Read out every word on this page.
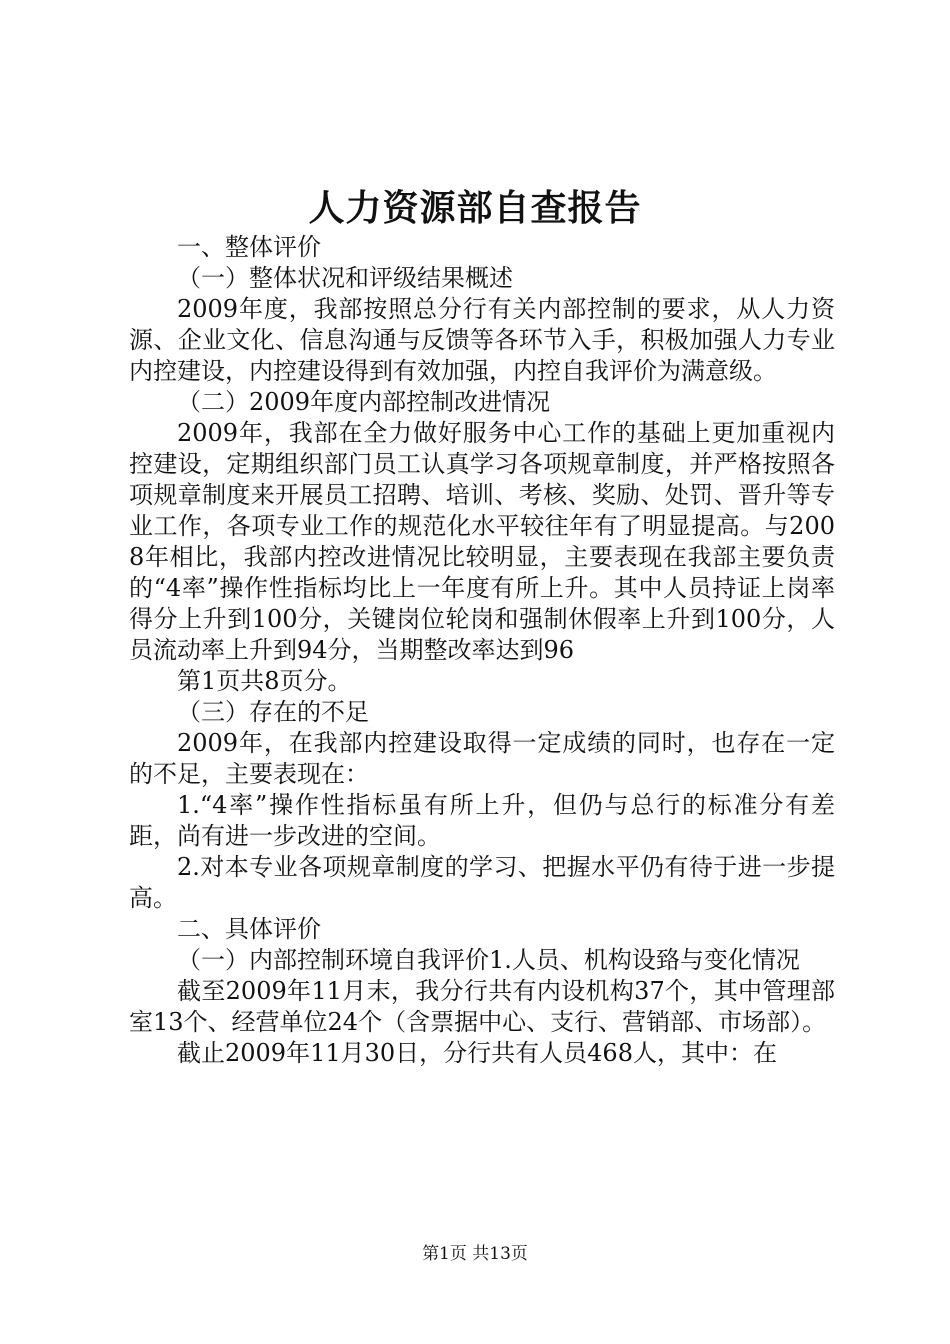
人力资源部自查报告

一、整体评价

（一）整体状况和评级结果概述

2009年度，我部按照总分行有关内部控制的要求，从人力资源、企业文化、信息沟通与反馈等各环节入手，积极加强人力专业内控建设，内控建设得到有效加强，内控自我评价为满意级。

（二）2009年度内部控制改进情况

2009年，我部在全力做好服务中心工作的基础上更加重视内控建设，定期组织部门员工认真学习各项规章制度，并严格按照各项规章制度来开展员工招聘、培训、考核、奖励、处罚、晋升等专业工作，各项专业工作的规范化水平较往年有了明显提高。与2008年相比，我部内控改进情况比较明显，主要表现在我部主要负责的“4率”操作性指标均比上一年度有所上升。其中人员持证上岗率得分上升到100分，关键岗位轮岗和强制休假率上升到100分，人员流动率上升到94分，当期整改率达到96

第1页共8页分。

（三）存在的不足

2009年，在我部内控建设取得一定成绩的同时，也存在一定的不足，主要表现在：

1.“4率”操作性指标虽有所上升，但仍与总行的标准分有差距，尚有进一步改进的空间。

2.对本专业各项规章制度的学习、把握水平仍有待于进一步提高。

二、具体评价

（一）内部控制环境自我评价1.人员、机构设臵与变化情况

截至2009年11月末，我分行共有内设机构37个，其中管理部室13个、经营单位24个（含票据中心、支行、营销部、市场部）。

截止2009年11月30日，分行共有人员468人，其中：在

第1页 共13页
